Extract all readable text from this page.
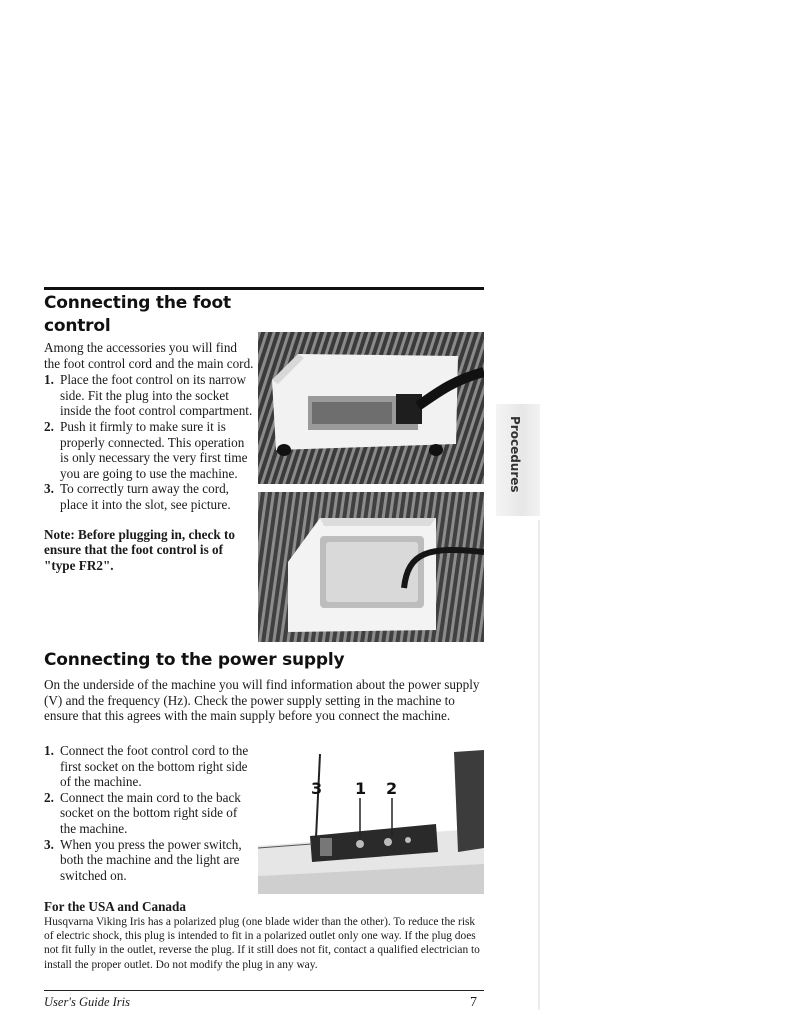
Connecting the foot control

Among the accessories you will find the foot control cord and the main cord.

1. Place the foot control on its narrow side. Fit the plug into the socket inside the foot control compartment.
2. Push it firmly to make sure it is properly connected. This operation is only necessary the very first time you are going to use the machine.
3. To correctly turn away the cord, place it into the slot, see picture.

Note: Before plugging in, check to ensure that the foot control is of "type FR2".

Procedures
Connecting to the power supply

On the underside of the machine you will find information about the power supply (V) and the frequency (Hz). Check the power supply setting in the machine to ensure that this agrees with the main supply before you connect the machine.

1. Connect the foot control cord to the first socket on the bottom right side of the machine.
2. Connect the main cord to the back socket on the bottom right side of the machine.
3. When you press the power switch, both the machine and the light are switched on.
3 1 2
For the USA and Canada

Husqvarna Viking Iris has a polarized plug (one blade wider than the other). To reduce the risk of electric shock, this plug is intended to fit in a polarized outlet only one way. If the plug does not fit fully in the outlet, reverse the plug. If it still does not fit, contact a qualified electrician to install the proper outlet. Do not modify the plug in any way.

User's Guide Iris	7
